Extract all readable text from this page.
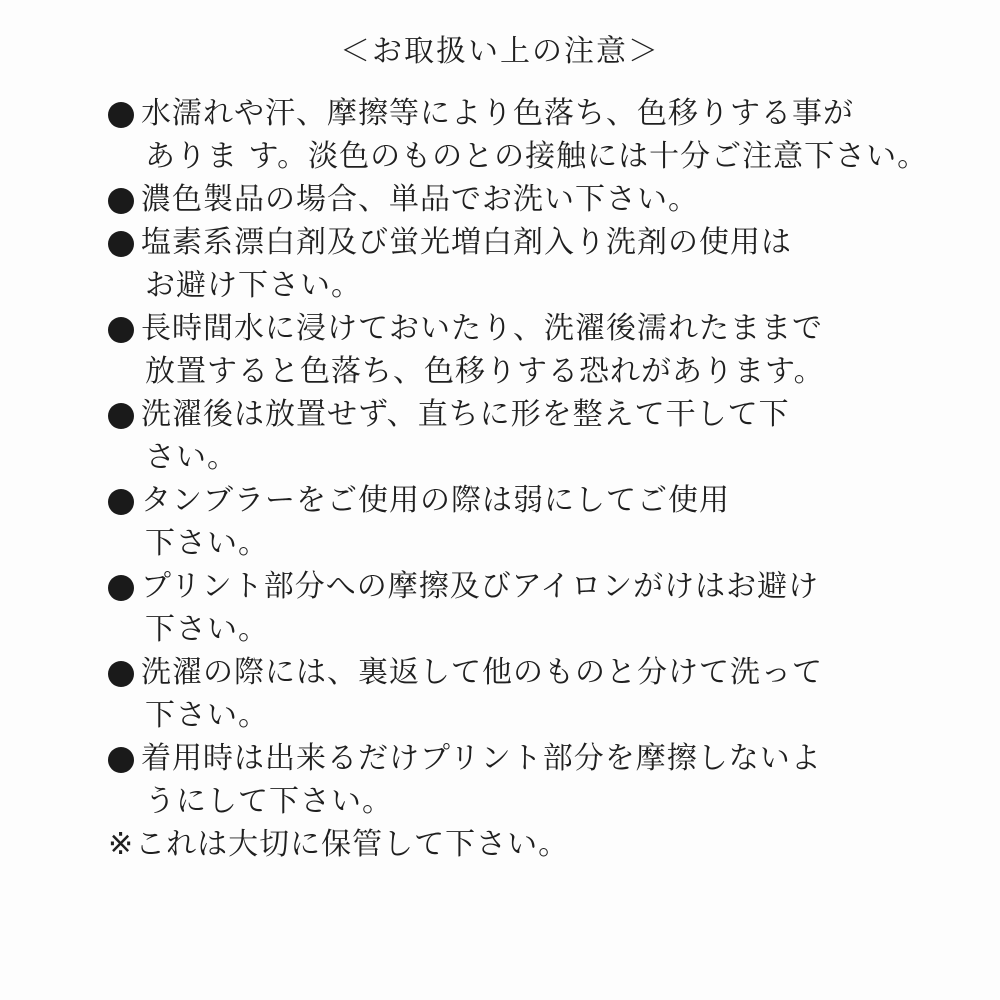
＜お取扱い上の注意＞
水濡れや汗、摩擦等により色落ち、色移りする事が
ありま す。淡色のものとの接触には十分ご注意下さい。
濃色製品の場合、単品でお洗い下さい。
塩素系漂白剤及び蛍光増白剤入り洗剤の使用は
お避け下さい。
長時間水に浸けておいたり、洗濯後濡れたままで
放置すると色落ち、色移りする恐れがあります。
洗濯後は放置せず、直ちに形を整えて干して下
さい。
タンブラーをご使用の際は弱にしてご使用
下さい。
プリント部分への摩擦及びアイロンがけはお避け
下さい。
洗濯の際には、裏返して他のものと分けて洗って
下さい。
着用時は出来るだけプリント部分を摩擦しないよ
うにして下さい。
※ これは大切に保管して下さい。
